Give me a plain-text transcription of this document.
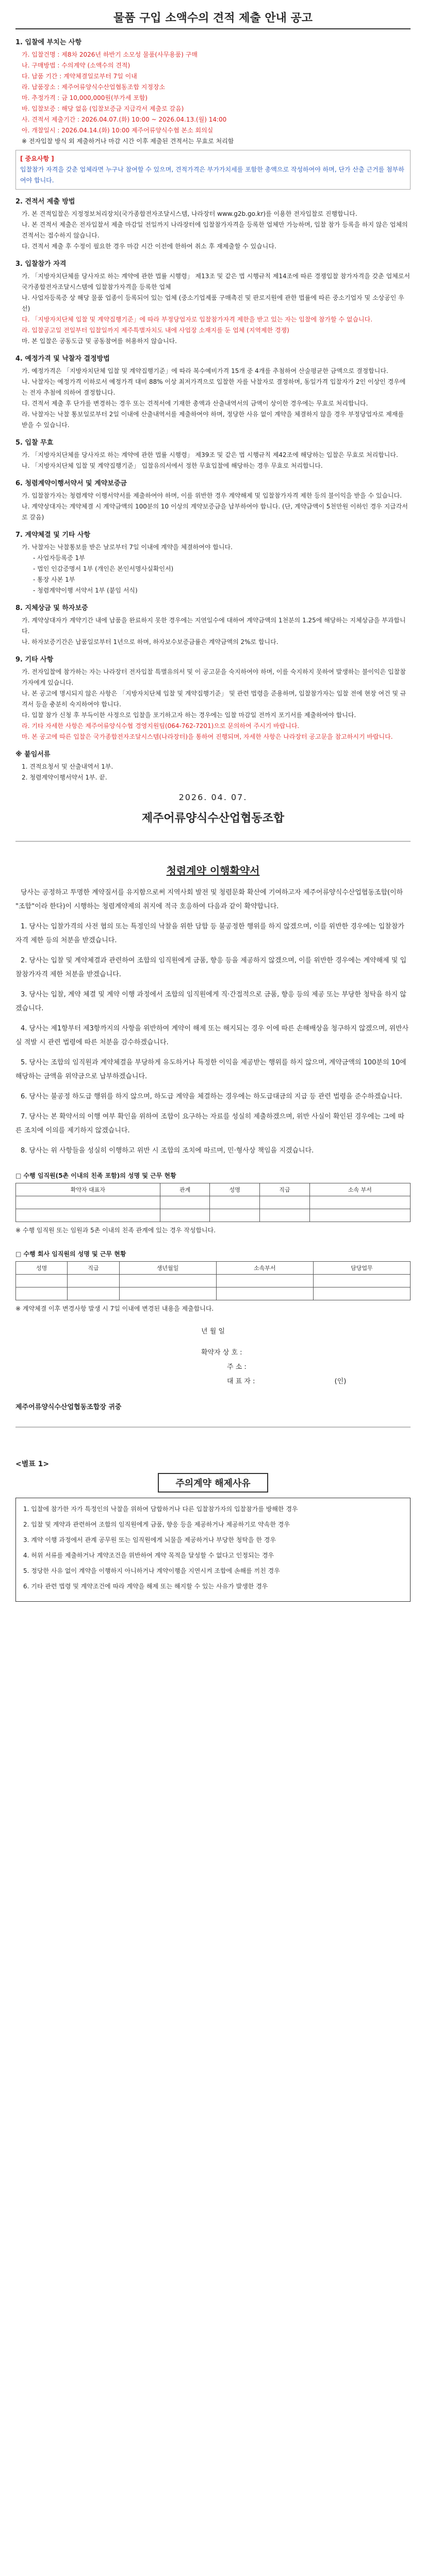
물품 구입 소액수의 견적 제출 안내 공고
1. 입찰에 부치는 사항

가. 입찰건명 : 제8차 2026년 하반기 소모성 물품(사무용품) 구매

나. 구매방법 : 수의계약 (소액수의 견적)

다. 납품 기간 : 계약체결일로부터 7일 이내

라. 납품장소 : 제주어류양식수산업협동조합 지정장소

마. 추정가격 : 금 10,000,000원(부가세 포함)

바. 입찰보증 : 해당 없음 (입찰보증금 지급각서 제출로 갈음)

사. 견적서 제출기간 : 2026.04.07.(화) 10:00 ~ 2026.04.13.(월) 14:00

아. 개찰일시 : 2026.04.14.(화) 10:00 제주어류양식수협 본소 회의실

※ 전자입찰 방식 외 제출하거나 마감 시간 이후 제출된 견적서는 무효로 처리함

[ 중요사항 ]

입찰참가 자격을 갖춘 업체라면 누구나 참여할 수 있으며, 견적가격은 부가가치세를 포함한 총액으로 작성하여야 하며, 단가 산출 근거를 첨부하여야 합니다.

2. 견적서 제출 방법

가. 본 견적입찰은 지정정보처리장치(국가종합전자조달시스템, 나라장터 www.g2b.go.kr)를 이용한 전자입찰로 진행합니다.

나. 본 견적서 제출은 전자입찰서 제출 마감일 전일까지 나라장터에 입찰참가자격을 등록한 업체만 가능하며, 입찰 참가 등록을 하지 않은 업체의 견적서는 접수하지 않습니다.

다. 견적서 제출 후 수정이 필요한 경우 마감 시간 이전에 한하여 취소 후 재제출할 수 있습니다.

3. 입찰참가 자격

가. 「지방자치단체를 당사자로 하는 계약에 관한 법률 시행령」 제13조 및 같은 법 시행규칙 제14조에 따른 경쟁입찰 참가자격을 갖춘 업체로서 국가종합전자조달시스템에 입찰참가자격을 등록한 업체

나. 사업자등록증 상 해당 물품 업종이 등록되어 있는 업체 (중소기업제품 구매촉진 및 판로지원에 관한 법률에 따른 중소기업자 및 소상공인 우선)

다. 「지방자치단체 입찰 및 계약집행기준」에 따라 부정당업자로 입찰참가자격 제한을 받고 있는 자는 입찰에 참가할 수 없습니다.

라. 입찰공고일 전일부터 입찰일까지 제주특별자치도 내에 사업장 소재지를 둔 업체 (지역제한 경쟁)

마. 본 입찰은 공동도급 및 공동참여를 허용하지 않습니다.

4. 예정가격 및 낙찰자 결정방법

가. 예정가격은 「지방자치단체 입찰 및 계약집행기준」에 따라 복수예비가격 15개 중 4개를 추첨하여 산술평균한 금액으로 결정합니다.

나. 낙찰자는 예정가격 이하로서 예정가격 대비 88% 이상 최저가격으로 입찰한 자를 낙찰자로 결정하며, 동일가격 입찰자가 2인 이상인 경우에는 전자 추첨에 의하여 결정합니다.

다. 견적서 제출 후 단가를 변경하는 경우 또는 견적서에 기재한 총액과 산출내역서의 금액이 상이한 경우에는 무효로 처리합니다.

라. 낙찰자는 낙찰 통보일로부터 2일 이내에 산출내역서를 제출하여야 하며, 정당한 사유 없이 계약을 체결하지 않을 경우 부정당업자로 제재를 받을 수 있습니다.

5. 입찰 무효

가. 「지방자치단체를 당사자로 하는 계약에 관한 법률 시행령」 제39조 및 같은 법 시행규칙 제42조에 해당하는 입찰은 무효로 처리합니다.

나. 「지방자치단체 입찰 및 계약집행기준」 입찰유의서에서 정한 무효입찰에 해당하는 경우 무효로 처리합니다.

6. 청렴계약이행서약서 및 계약보증금

가. 입찰참가자는 청렴계약 이행서약서를 제출하여야 하며, 이를 위반한 경우 계약해제 및 입찰참가자격 제한 등의 불이익을 받을 수 있습니다.

나. 계약상대자는 계약체결 시 계약금액의 100분의 10 이상의 계약보증금을 납부하여야 합니다. (단, 계약금액이 5천만원 이하인 경우 지급각서로 갈음)

7. 계약체결 및 기타 사항

가. 낙찰자는 낙찰통보를 받은 날로부터 7일 이내에 계약을 체결하여야 합니다.

- 사업자등록증 1부

- 법인 인감증명서 1부 (개인은 본인서명사실확인서)

- 통장 사본 1부

- 청렴계약이행 서약서 1부 (붙임 서식)

8. 지체상금 및 하자보증

가. 계약상대자가 계약기간 내에 납품을 완료하지 못한 경우에는 지연일수에 대하여 계약금액의 1천분의 1.25에 해당하는 지체상금을 부과합니다.

나. 하자보증기간은 납품일로부터 1년으로 하며, 하자보수보증금률은 계약금액의 2%로 합니다.

9. 기타 사항

가. 전자입찰에 참가하는 자는 나라장터 전자입찰 특별유의서 및 이 공고문을 숙지하여야 하며, 이를 숙지하지 못하여 발생하는 불이익은 입찰참가자에게 있습니다.

나. 본 공고에 명시되지 않은 사항은 「지방자치단체 입찰 및 계약집행기준」 및 관련 법령을 준용하며, 입찰참가자는 입찰 전에 현장 여건 및 규격서 등을 충분히 숙지하여야 합니다.

다. 입찰 참가 신청 후 부득이한 사정으로 입찰을 포기하고자 하는 경우에는 입찰 마감일 전까지 포기서를 제출하여야 합니다.

라. 기타 자세한 사항은 제주어류양식수협 경영지원팀(064-762-7201)으로 문의하여 주시기 바랍니다.

마. 본 공고에 따른 입찰은 국가종합전자조달시스템(나라장터)을 통하여 진행되며, 자세한 사항은 나라장터 공고문을 참고하시기 바랍니다.

※ 붙임서류

1. 견적요청서 및 산출내역서 1부.

2. 청렴계약이행서약서 1부. 끝.

2026. 04. 07.
제주어류양식수산업협동조합
청렴계약 이행확약서

당사는 공정하고 투명한 계약질서를 유지함으로써 지역사회 발전 및 청렴문화 확산에 기여하고자 제주어류양식수산업협동조합(이하 "조합"이라 한다)이 시행하는 청렴계약제의 취지에 적극 호응하여 다음과 같이 확약합니다.

1. 당사는 입찰가격의 사전 협의 또는 특정인의 낙찰을 위한 담합 등 불공정한 행위를 하지 않겠으며, 이를 위반한 경우에는 입찰참가자격 제한 등의 처분을 받겠습니다.

2. 당사는 입찰 및 계약체결과 관련하여 조합의 임직원에게 금품, 향응 등을 제공하지 않겠으며, 이를 위반한 경우에는 계약해제 및 입찰참가자격 제한 처분을 받겠습니다.

3. 당사는 입찰, 계약 체결 및 계약 이행 과정에서 조합의 임직원에게 직·간접적으로 금품, 향응 등의 제공 또는 부당한 청탁을 하지 않겠습니다.

4. 당사는 제1항부터 제3항까지의 사항을 위반하여 계약이 해제 또는 해지되는 경우 이에 따른 손해배상을 청구하지 않겠으며, 위반사실 적발 시 관련 법령에 따른 처분을 감수하겠습니다.

5. 당사는 조합의 임직원과 계약체결을 부당하게 유도하거나 특정한 이익을 제공받는 행위를 하지 않으며, 계약금액의 100분의 10에 해당하는 금액을 위약금으로 납부하겠습니다.

6. 당사는 불공정 하도급 행위를 하지 않으며, 하도급 계약을 체결하는 경우에는 하도급대금의 지급 등 관련 법령을 준수하겠습니다.

7. 당사는 본 확약서의 이행 여부 확인을 위하여 조합이 요구하는 자료를 성실히 제출하겠으며, 위반 사실이 확인된 경우에는 그에 따른 조치에 이의를 제기하지 않겠습니다.

8. 당사는 위 사항들을 성실히 이행하고 위반 시 조합의 조치에 따르며, 민·형사상 책임을 지겠습니다.

□ 수행 임직원(5촌 이내의 친족 포함)의 성명 및 근무 현황
확약자 대표자	관계	성명	직급	소속 부서

※ 수행 임직원 또는 임원과 5촌 이내의 친족 관계에 있는 경우 작성합니다.

□ 수행 회사 임직원의 성명 및 근무 현황
성명	직급	생년월일	소속부서	담당업무

※ 계약체결 이후 변경사항 발생 시 7일 이내에 변경된 내용을 제출합니다.

년 월 일
확약자 상 호 :
주 소 :
대 표 자 :	(인)
제주어류양식수산업협동조합장 귀중
<별표 1>
주의계약 해제사유

1. 입찰에 참가한 자가 특정인의 낙찰을 위하여 담합하거나 다른 입찰참가자의 입찰참가를 방해한 경우

2. 입찰 및 계약과 관련하여 조합의 임직원에게 금품, 향응 등을 제공하거나 제공하기로 약속한 경우

3. 계약 이행 과정에서 관계 공무원 또는 임직원에게 뇌물을 제공하거나 부당한 청탁을 한 경우

4. 허위 서류를 제출하거나 계약조건을 위반하여 계약 목적을 달성할 수 없다고 인정되는 경우

5. 정당한 사유 없이 계약을 이행하지 아니하거나 계약이행을 지연시켜 조합에 손해를 끼친 경우

6. 기타 관련 법령 및 계약조건에 따라 계약을 해제 또는 해지할 수 있는 사유가 발생한 경우
